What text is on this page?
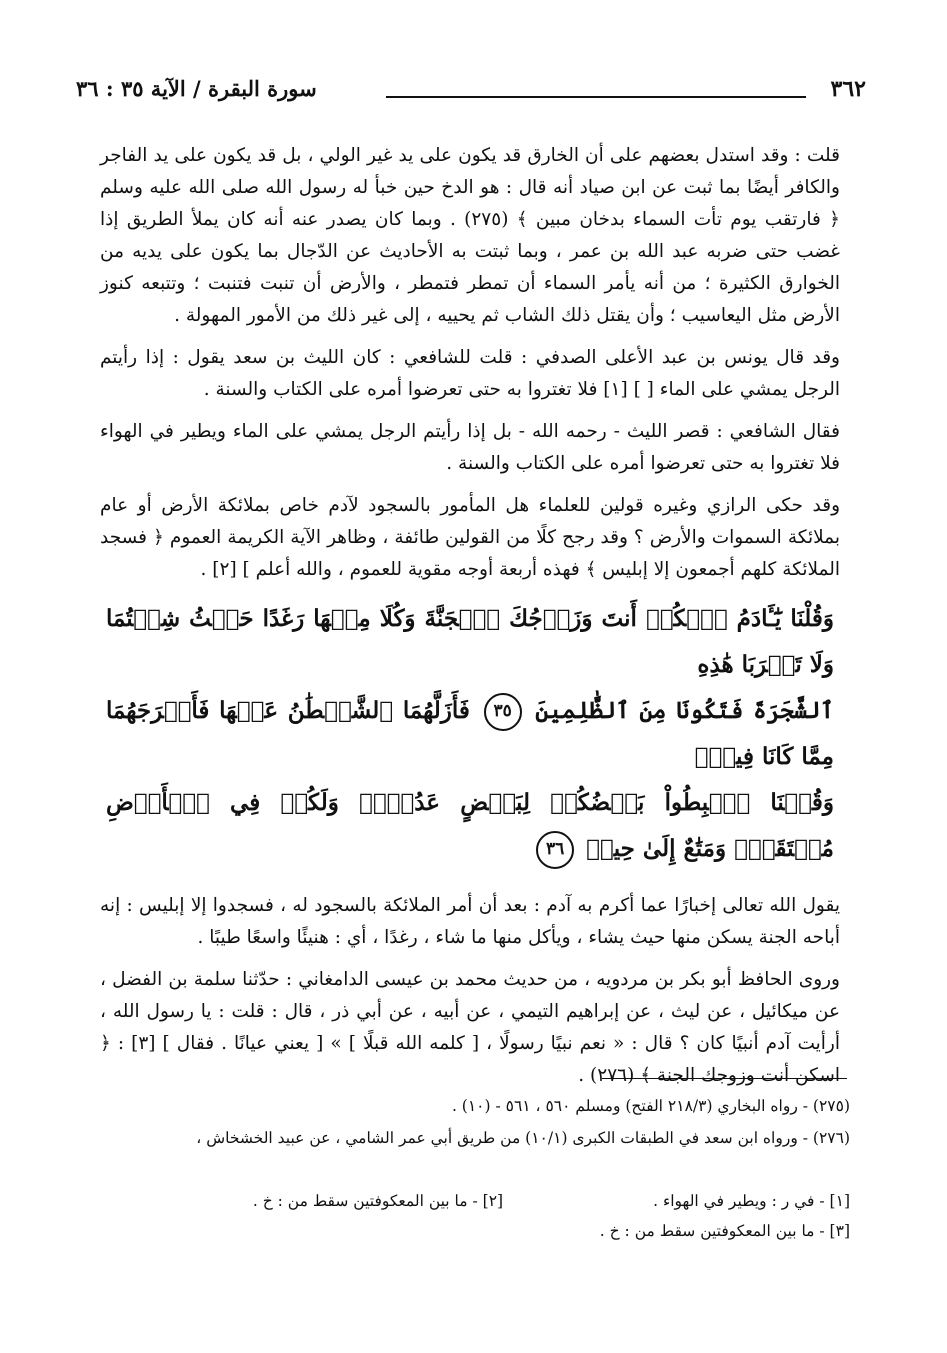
٣٦٢
سورة البقرة / الآية ٣٥ : ٣٦

قلت : وقد استدل بعضهم على أن الخارق قد يكون على يد غير الولي ، بل قد يكون على يد الفاجر والكافر أيضًا بما ثبت عن ابن صياد أنه قال : هو الدخ حين خبأ له رسول الله صلى الله عليه وسلم ﴿ فارتقب يوم تأت السماء بدخان مبين ﴾ (٢٧٥) . وبما كان يصدر عنه أنه كان يملأ الطريق إذا غضب حتى ضربه عبد الله بن عمر ، وبما ثبتت به الأحاديث عن الدّجال بما يكون على يديه من الخوارق الكثيرة ؛ من أنه يأمر السماء أن تمطر فتمطر ، والأرض أن تنبت فتنبت ؛ وتتبعه كنوز الأرض مثل اليعاسيب ؛ وأن يقتل ذلك الشاب ثم يحييه ، إلى غير ذلك من الأمور المهولة .

وقد قال يونس بن عبد الأعلى الصدفي : قلت للشافعي : كان الليث بن سعد يقول : إذا رأيتم الرجل يمشي على الماء [ ] [١] فلا تغتروا به حتى تعرضوا أمره على الكتاب والسنة .

فقال الشافعي : قصر الليث - رحمه الله - بل إذا رأيتم الرجل يمشي على الماء ويطير في الهواء فلا تغتروا به حتى تعرضوا أمره على الكتاب والسنة .

وقد حكى الرازي وغيره قولين للعلماء هل المأمور بالسجود لآدم خاص بملائكة الأرض أو عام بملائكة السموات والأرض ؟ وقد رجح كلًا من القولين طائفة ، وظاهر الآية الكريمة العموم ﴿ فسجد الملائكة كلهم أجمعون إلا إبليس ﴾ فهذه أربعة أوجه مقوية للعموم ، والله أعلم ] [٢] .

وَقُلْنَا يَٰٓـَٔادَمُ ٱسۡكُنۡ أَنتَ وَزَوۡجُكَ ٱلۡجَنَّةَ وَكُلَا مِنۡهَا رَغَدًا حَيۡثُ شِئۡتُمَا وَلَا تَقۡرَبَا هَٰذِهِ
ٱلشَّجَرَةَ فَتَكُونَا مِنَ ٱلظَّٰلِمِينَ ٣٥ فَأَزَلَّهُمَا ٱلشَّيۡطَٰنُ عَنۡهَا فَأَخۡرَجَهُمَا مِمَّا كَانَا فِيهِۖ
وَقُلۡنَا ٱهۡبِطُواْ بَعۡضُكُمۡ لِبَعۡضٍ عَدُوّٞۖ وَلَكُمۡ فِي ٱلۡأَرۡضِ مُسۡتَقَرّٞ وَمَتَٰعٌ إِلَىٰ حِينٖ ٣٦

يقول الله تعالى إخبارًا عما أكرم به آدم : بعد أن أمر الملائكة بالسجود له ، فسجدوا إلا إبليس : إنه أباحه الجنة يسكن منها حيث يشاء ، ويأكل منها ما شاء ، رغدًا ، أي : هنيئًا واسعًا طيبًا .

وروى الحافظ أبو بكر بن مردويه ، من حديث محمد بن عيسى الدامغاني : حدّثنا سلمة بن الفضل ، عن ميكائيل ، عن ليث ، عن إبراهيم التيمي ، عن أبيه ، عن أبي ذر ، قال : قلت : يا رسول الله ، أرأيت آدم أنبيًا كان ؟ قال : « نعم نبيًا رسولًا ، [ كلمه الله قبلًا ] » [ يعني عيانًا . فقال ] [٣] : ﴿ اسكن أنت وزوجك الجنة ﴾ (٢٧٦) .

(٢٧٥) - رواه البخاري (٢١٨/٣ الفتح) ومسلم ٥٦٠ ، ٥٦١ - (١٠) .

(٢٧٦) - ورواه ابن سعد في الطبقات الكبرى (١٠/١) من طريق أبي عمر الشامي ، عن عبيد الخشخاش ،

[١] - في ر : ويطير في الهواء .

[٢] - ما بين المعكوفتين سقط من : خ .

[٣] - ما بين المعكوفتين سقط من : خ .
